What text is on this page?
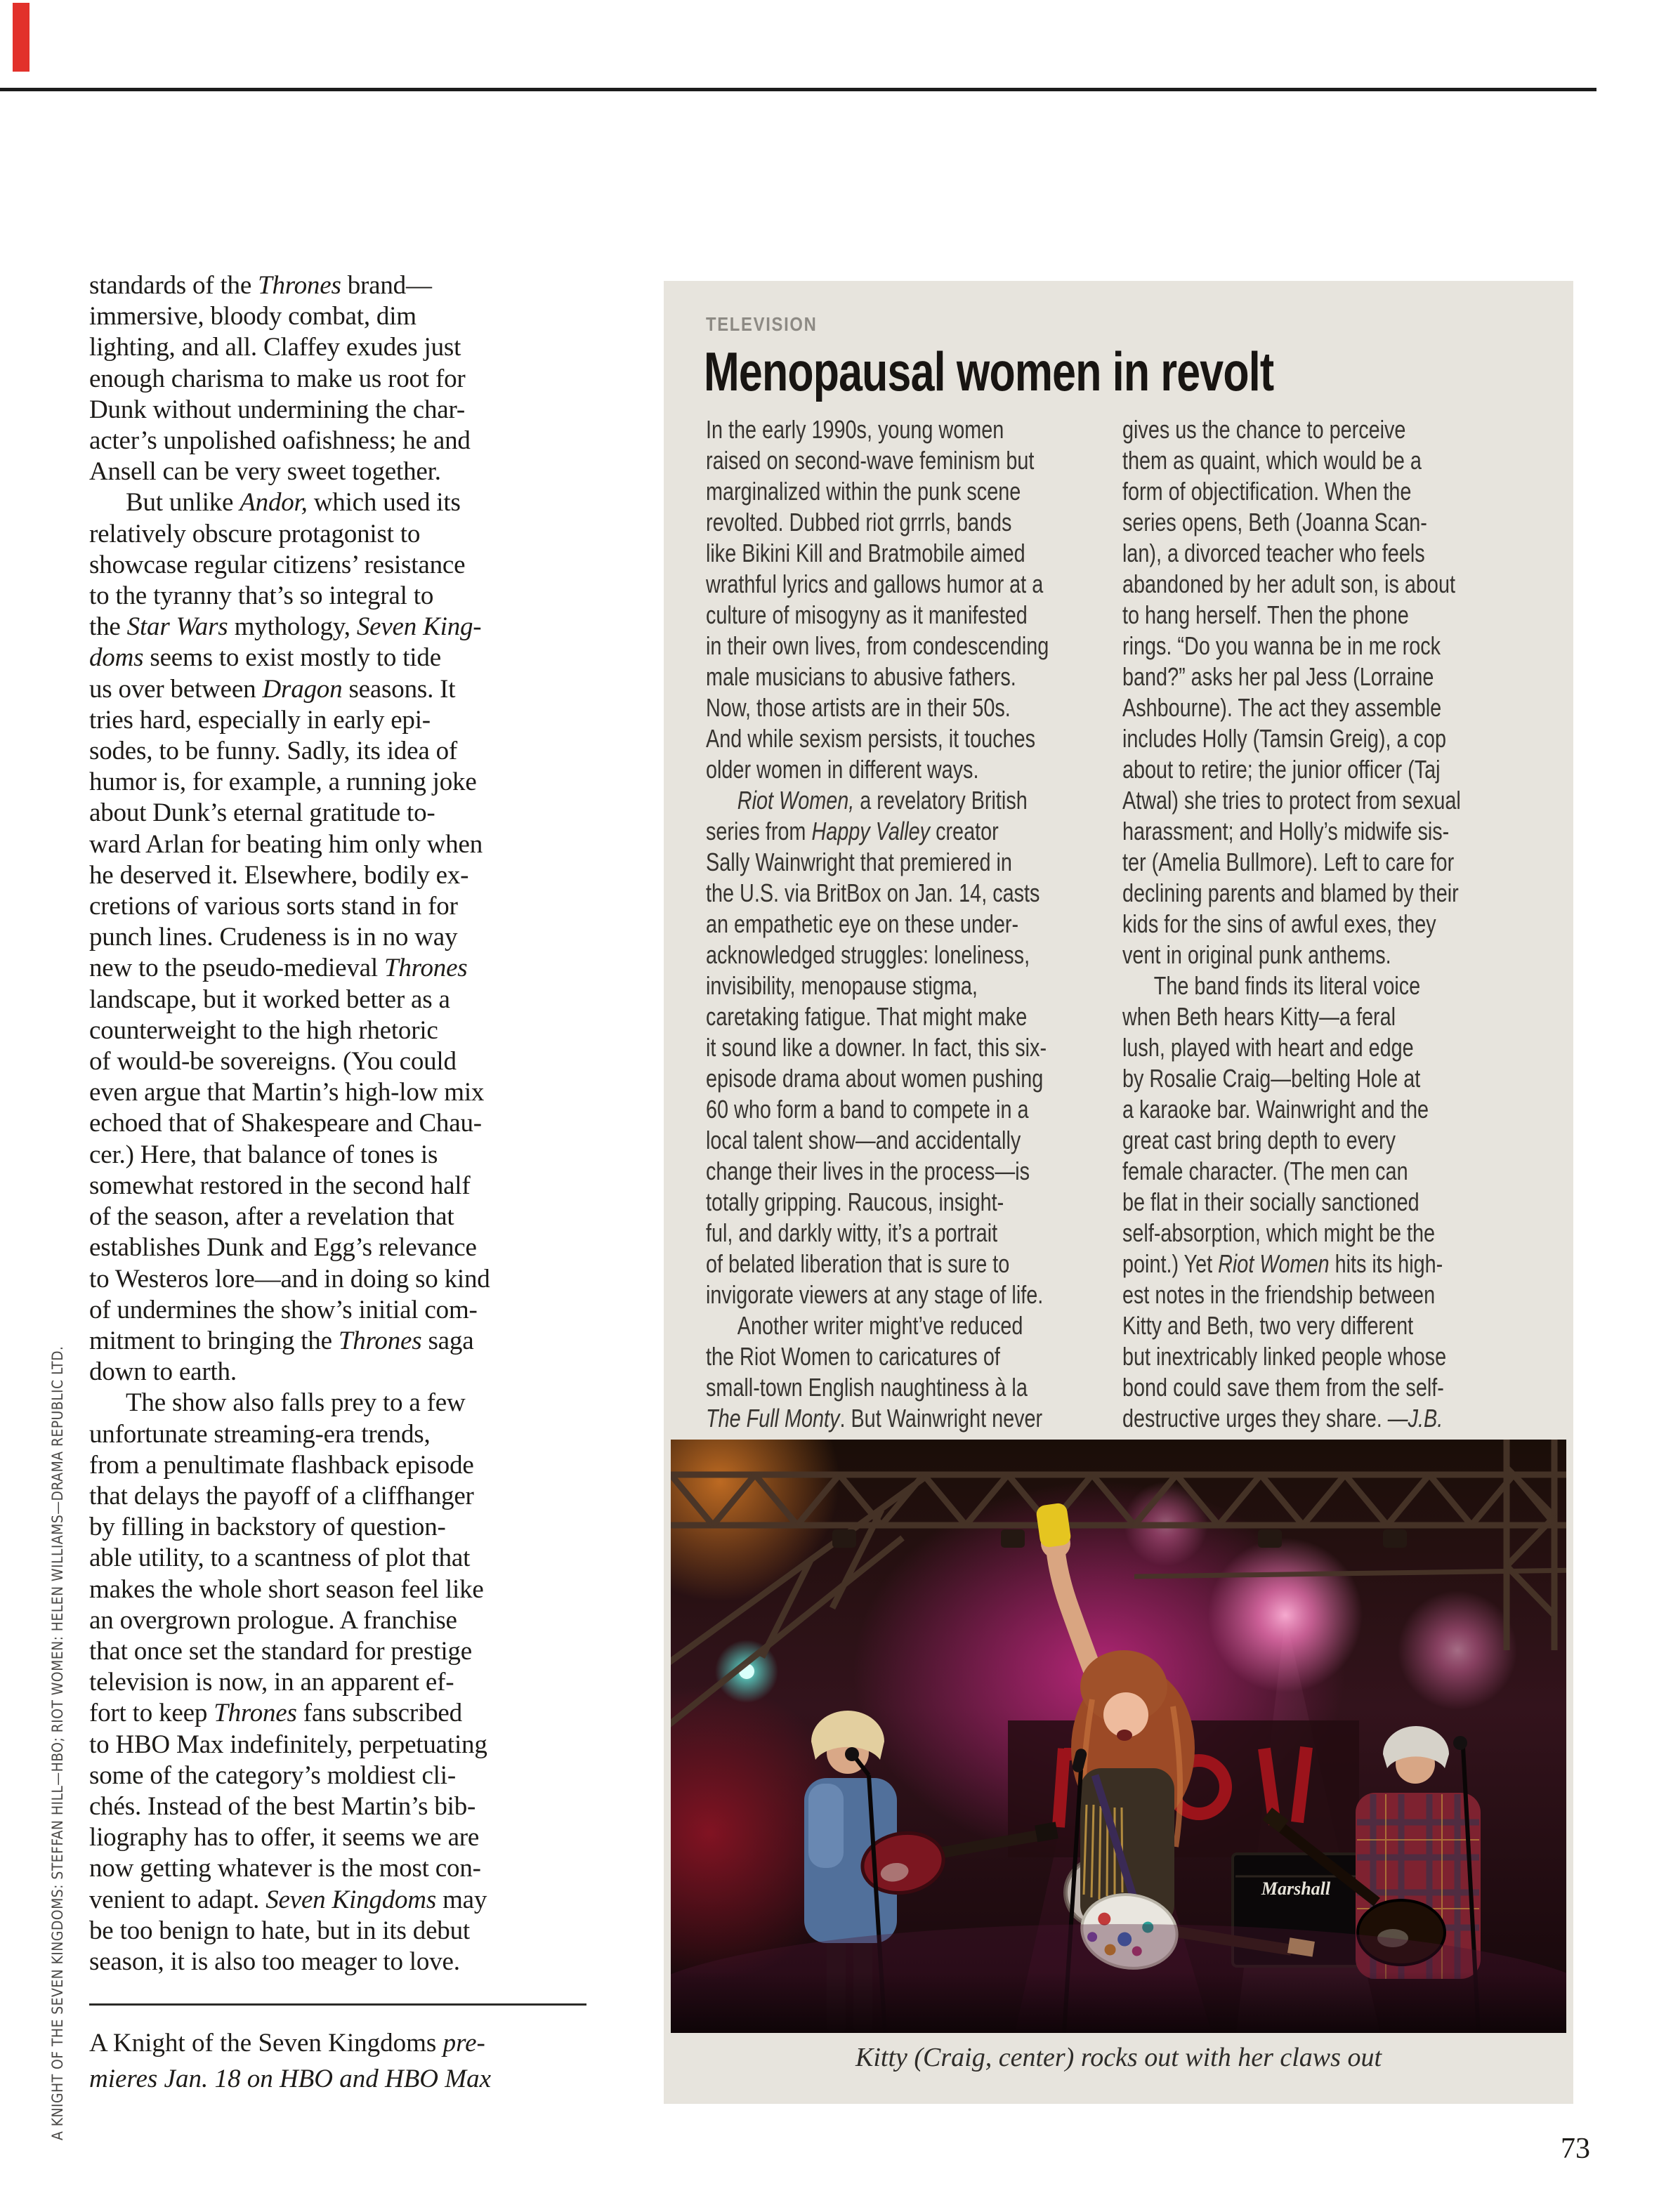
standards of the Thrones brand—
immersive, bloody combat, dim
lighting, and all. Claffey exudes just
enough charisma to make us root for
Dunk without undermining the char-
acter’s unpolished oafishness; he and
Ansell can be very sweet together.
But unlike Andor, which used its
relatively obscure protagonist to
showcase regular citizens’ resistance
to the tyranny that’s so integral to
the Star Wars mythology, Seven King-
doms seems to exist mostly to tide
us over between Dragon seasons. It
tries hard, especially in early epi-
sodes, to be funny. Sadly, its idea of
humor is, for example, a running joke
about Dunk’s eternal gratitude to-
ward Arlan for beating him only when
he deserved it. Elsewhere, bodily ex-
cretions of various sorts stand in for
punch lines. Crudeness is in no way
new to the pseudo-medieval Thrones
landscape, but it worked better as a
counterweight to the high rhetoric
of would-be sovereigns. (You could
even argue that Martin’s high-low mix
echoed that of Shakespeare and Chau-
cer.) Here, that balance of tones is
somewhat restored in the second half
of the season, after a revelation that
establishes Dunk and Egg’s relevance
to Westeros lore—and in doing so kind
of undermines the show’s initial com-
mitment to bringing the Thrones saga
down to earth.
The show also falls prey to a few
unfortunate streaming-era trends,
from a penultimate flashback episode
that delays the payoff of a cliffhanger
by filling in backstory of question-
able utility, to a scantness of plot that
makes the whole short season feel like
an overgrown prologue. A franchise
that once set the standard for prestige
television is now, in an apparent ef-
fort to keep Thrones fans subscribed
to HBO Max indefinitely, perpetuating
some of the category’s moldiest cli-
chés. Instead of the best Martin’s bib-
liography has to offer, it seems we are
now getting whatever is the most con-
venient to adapt. Seven Kingdoms may
be too benign to hate, but in its debut
season, it is also too meager to love.
A Knight of the Seven Kingdoms pre-
mieres Jan. 18 on HBO and HBO Max
A KNIGHT OF THE SEVEN KINGDOMS: STEFFAN HILL—HBO; RIOT WOMEN: HELEN WILLIAMS—DRAMA REPUBLIC LTD.
TELEVISION
Menopausal women in revolt
In the early 1990s, young women
raised on second-wave feminism but
marginalized within the punk scene
revolted. Dubbed riot grrrls, bands
like Bikini Kill and Bratmobile aimed
wrathful lyrics and gallows humor at a
culture of misogyny as it manifested
in their own lives, from condescending
male musicians to abusive fathers.
Now, those artists are in their 50s.
And while sexism persists, it touches
older women in different ways.
Riot Women, a revelatory British
series from Happy Valley creator
Sally Wainwright that premiered in
the U.S. via BritBox on Jan. 14, casts
an empathetic eye on these under-
acknowledged struggles: loneliness,
invisibility, menopause stigma,
caretaking fatigue. That might make
it sound like a downer. In fact, this six-
episode drama about women pushing
60 who form a band to compete in a
local talent show—and accidentally
change their lives in the process—is
totally gripping. Raucous, insight-
ful, and darkly witty, it’s a portrait
of belated liberation that is sure to
invigorate viewers at any stage of life.
Another writer might’ve reduced
the Riot Women to caricatures of
small-town English naughtiness à la
The Full Monty. But Wainwright never
gives us the chance to perceive
them as quaint, which would be a
form of objectification. When the
series opens, Beth (Joanna Scan-
lan), a divorced teacher who feels
abandoned by her adult son, is about
to hang herself. Then the phone
rings. “Do you wanna be in me rock
band?” asks her pal Jess (Lorraine
Ashbourne). The act they assemble
includes Holly (Tamsin Greig), a cop
about to retire; the junior officer (Taj
Atwal) she tries to protect from sexual
harassment; and Holly’s midwife sis-
ter (Amelia Bullmore). Left to care for
declining parents and blamed by their
kids for the sins of awful exes, they
vent in original punk anthems.
The band finds its literal voice
when Beth hears Kitty—a feral
lush, played with heart and edge
by Rosalie Craig—belting Hole at
a karaoke bar. Wainwright and the
great cast bring depth to every
female character. (The men can
be flat in their socially sanctioned
self-absorption, which might be the
point.) Yet Riot Women hits its high-
est notes in the friendship between
Kitty and Beth, two very different
but inextricably linked people whose
bond could save them from the self-
destructive urges they share. —J.B.
Marshall
Kitty (Craig, center) rocks out with her claws out
73
